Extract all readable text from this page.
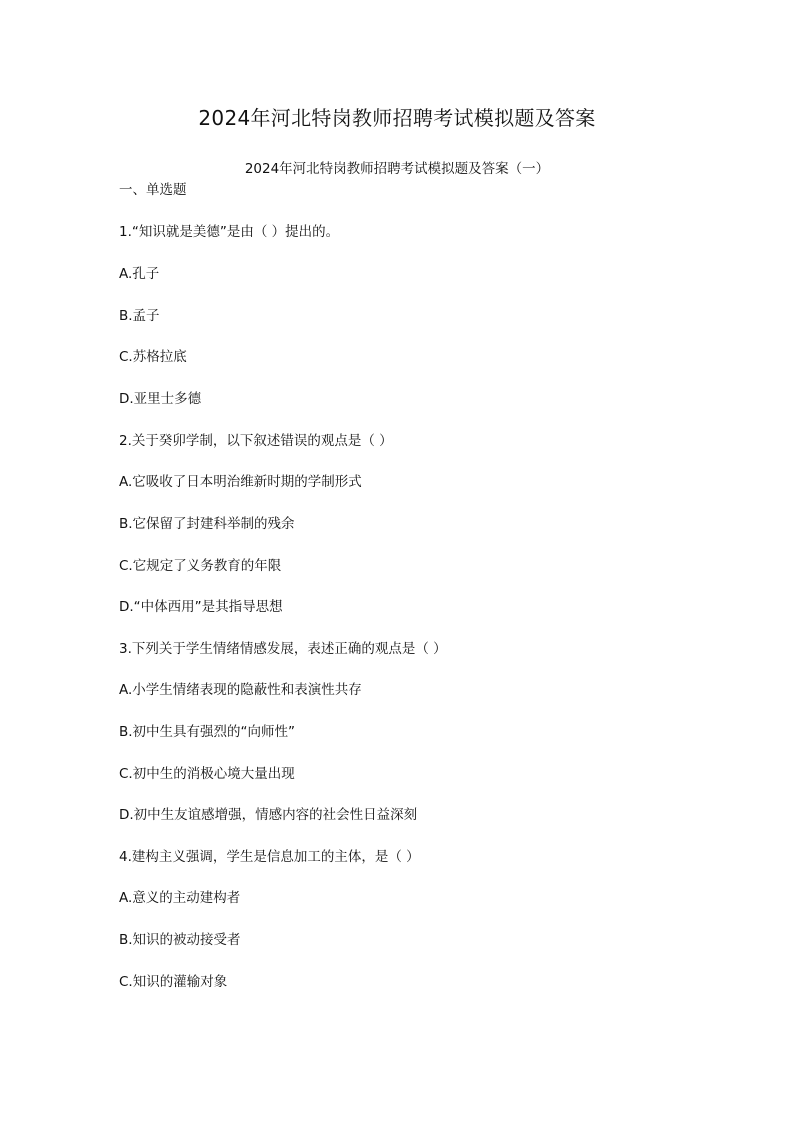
2024年河北特岗教师招聘考试模拟题及答案
2024年河北特岗教师招聘考试模拟题及答案（一）
一、单选题
1.“知识就是美德”是由（ ）提出的。
A.孔子
B.孟子
C.苏格拉底
D.亚里士多德
2.关于癸卯学制，以下叙述错误的观点是（ ）
A.它吸收了日本明治维新时期的学制形式
B.它保留了封建科举制的残余
C.它规定了义务教育的年限
D.“中体西用”是其指导思想
3.下列关于学生情绪情感发展，表述正确的观点是（ ）
A.小学生情绪表现的隐蔽性和表演性共存
B.初中生具有强烈的“向师性”
C.初中生的消极心境大量出现
D.初中生友谊感增强，情感内容的社会性日益深刻
4.建构主义强调，学生是信息加工的主体，是（ ）
A.意义的主动建构者
B.知识的被动接受者
C.知识的灌输对象
